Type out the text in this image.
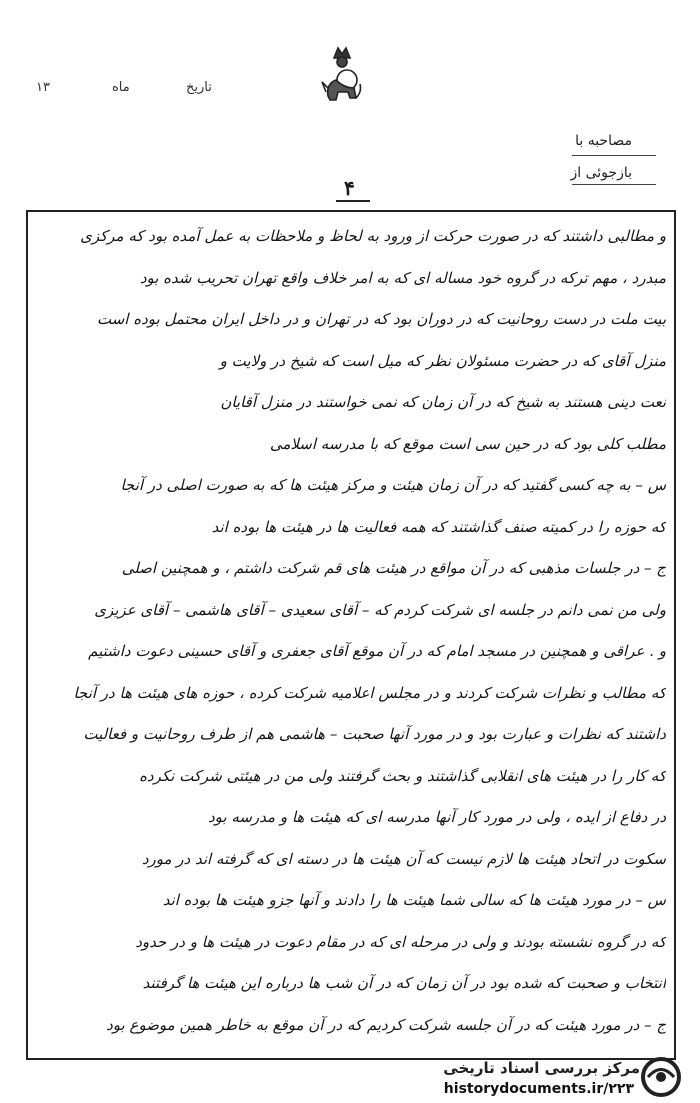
تاریخ
ماه
۱۳
مصاحبه با
بازجوئی از
۴
و مطالبی داشتند که در صورت حرکت از ورود به لحاظ و ملاحظات به عمل آمده بود که مرکزی
مبدرد ، مهم ترکه در گروه خود مساله ای که به امر خلاف واقع تهران تحریب شده بود
بیت ملت در دست روحانیت که در دوران بود که در تهران و در داخل ایران محتمل بوده است
منزل آقای که در حضرت مسئولان نظر که میل است که شیخ در ولایت و
نعت دینی هستند به شیخ که در آن زمان که نمی خواستند در منزل آقایان
مطلب کلی بود که در حین سی است موقع که با مدرسه اسلامی
س – به چه کسی گفتید که در آن زمان هیئت و مرکز هیئت ها که به صورت اصلی در آنجا
که حوزه را در کمیته صنف گذاشتند که همه فعالیت ها در هیئت ها بوده اند
ج – در جلسات مذهبی که در آن مواقع در هیئت های قم شرکت داشتم ، و همچنین اصلی
ولی من نمی دانم در جلسه ای شرکت کردم که – آقای سعیدی – آقای هاشمی – آقای عزیزی
و . عراقی و همچنین در مسجد امام که در آن موقع آقای جعفری و آقای حسینی دعوت داشتیم
که مطالب و نظرات شرکت کردند و در مجلس اعلامیه شرکت کرده ، حوزه های هیئت ها در آنجا
داشتند که نظرات و عبارت بود و در مورد آنها صحبت – هاشمی هم از طرف روحانیت و فعالیت
که کار را در هیئت های انقلابی گذاشتند و بحث گرفتند ولی من در هیئتی شرکت نکرده
در دفاع از ایده ، ولی در مورد کار آنها مدرسه ای که هیئت ها و مدرسه بود
سکوت در اتحاد هیئت ها لازم نیست که آن هیئت ها در دسته ای که گرفته اند در مورد
س – در مورد هیئت ها که سالی شما هیئت ها را دادند و آنها جزو هیئت ها بوده اند
که در گروه نشسته بودند و ولی در مرحله ای که در مقام دعوت در هیئت ها و در حدود
انتخاب و صحبت که شده بود در آن زمان که در آن شب ها درباره این هیئت ها گرفتند
ج – در مورد هیئت که در آن جلسه شرکت کردیم که در آن موقع به خاطر همین موضوع بود
مرکز بررسی اسناد تاریخی
historydocuments.ir/۲۲۳
